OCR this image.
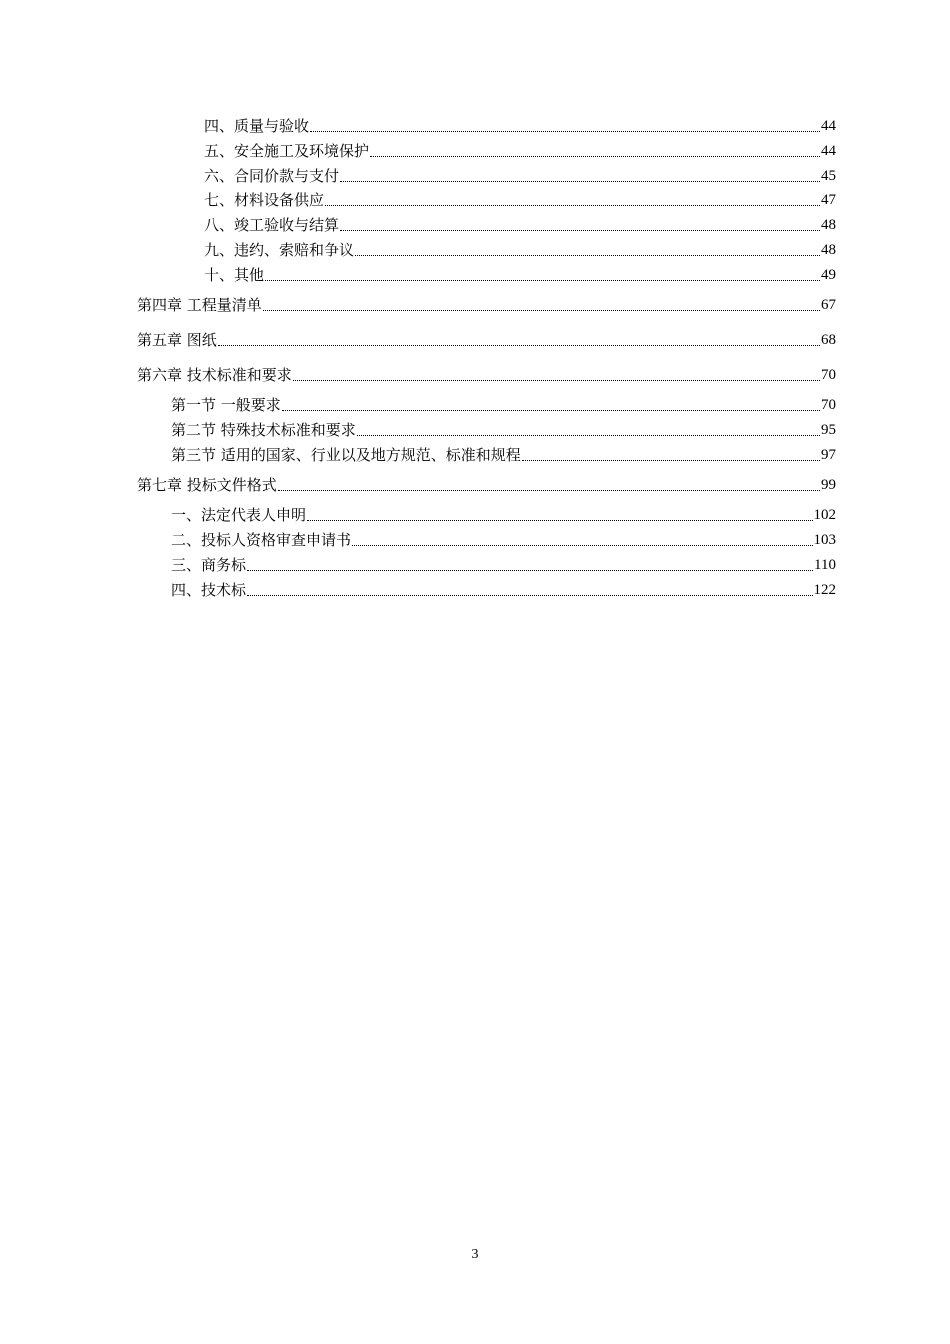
四、质量与验收	44
五、安全施工及环境保护	44
六、合同价款与支付	45
七、材料设备供应	47
八、竣工验收与结算	48
九、违约、索赔和争议	48
十、其他	49
第四章 工程量清单	67
第五章 图纸	68
第六章 技术标准和要求	70
第一节 一般要求	70
第二节 特殊技术标准和要求	95
第三节 适用的国家、行业以及地方规范、标准和规程	97
第七章 投标文件格式	99
一、法定代表人申明	102
二、投标人资格审查申请书	103
三、商务标	110
四、技术标	122
3
